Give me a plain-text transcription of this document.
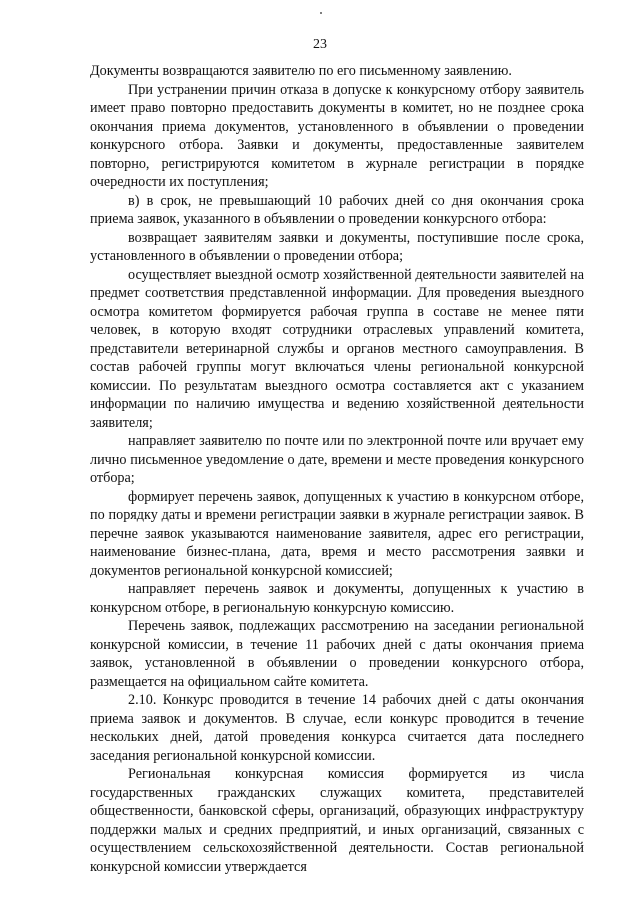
23

Документы возвращаются заявителю по его письменному заявлению.

При устранении причин отказа в допуске к конкурсному отбору заявитель имеет право повторно предоставить документы в комитет, но не позднее срока окончания приема документов, установленного в объявлении о проведении конкурсного отбора. Заявки и документы, предоставленные заявителем повторно, регистрируются комитетом в журнале регистрации в порядке очередности их поступления;

в) в срок, не превышающий 10 рабочих дней со дня окончания срока приема заявок, указанного в объявлении о проведении конкурсного отбора:

возвращает заявителям заявки и документы, поступившие после срока, установленного в объявлении о проведении отбора;

осуществляет выездной осмотр хозяйственной деятельности заявителей на предмет соответствия представленной информации. Для проведения выездного осмотра комитетом формируется рабочая группа в составе не менее пяти человек, в которую входят сотрудники отраслевых управлений комитета, представители ветеринарной службы и органов местного самоуправления. В состав рабочей группы могут включаться члены региональной конкурсной комиссии. По результатам выездного осмотра составляется акт с указанием информации по наличию имущества и ведению хозяйственной деятельности заявителя;

направляет заявителю по почте или по электронной почте или вручает ему лично письменное уведомление о дате, времени и месте проведения конкурсного отбора;

формирует перечень заявок, допущенных к участию в конкурсном отборе, по порядку даты и времени регистрации заявки в журнале регистрации заявок. В перечне заявок указываются наименование заявителя, адрес его регистрации, наименование бизнес-плана, дата, время и место рассмотрения заявки и документов региональной конкурсной комиссией;

направляет перечень заявок и документы, допущенных к участию в конкурсном отборе, в региональную конкурсную комиссию.

Перечень заявок, подлежащих рассмотрению на заседании региональной конкурсной комиссии, в течение 11 рабочих дней с даты окончания приема заявок, установленной в объявлении о проведении конкурсного отбора, размещается на официальном сайте комитета.

2.10. Конкурс проводится в течение 14 рабочих дней с даты окончания приема заявок и документов. В случае, если конкурс проводится в течение нескольких дней, датой проведения конкурса считается дата последнего заседания региональной конкурсной комиссии.

Региональная конкурсная комиссия формируется из числа государственных гражданских служащих комитета, представителей общественности, банковской сферы, организаций, образующих инфраструктуру поддержки малых и средних предприятий, и иных организаций, связанных с осуществлением сельскохозяйственной деятельности. Состав региональной конкурсной комиссии утверждается
